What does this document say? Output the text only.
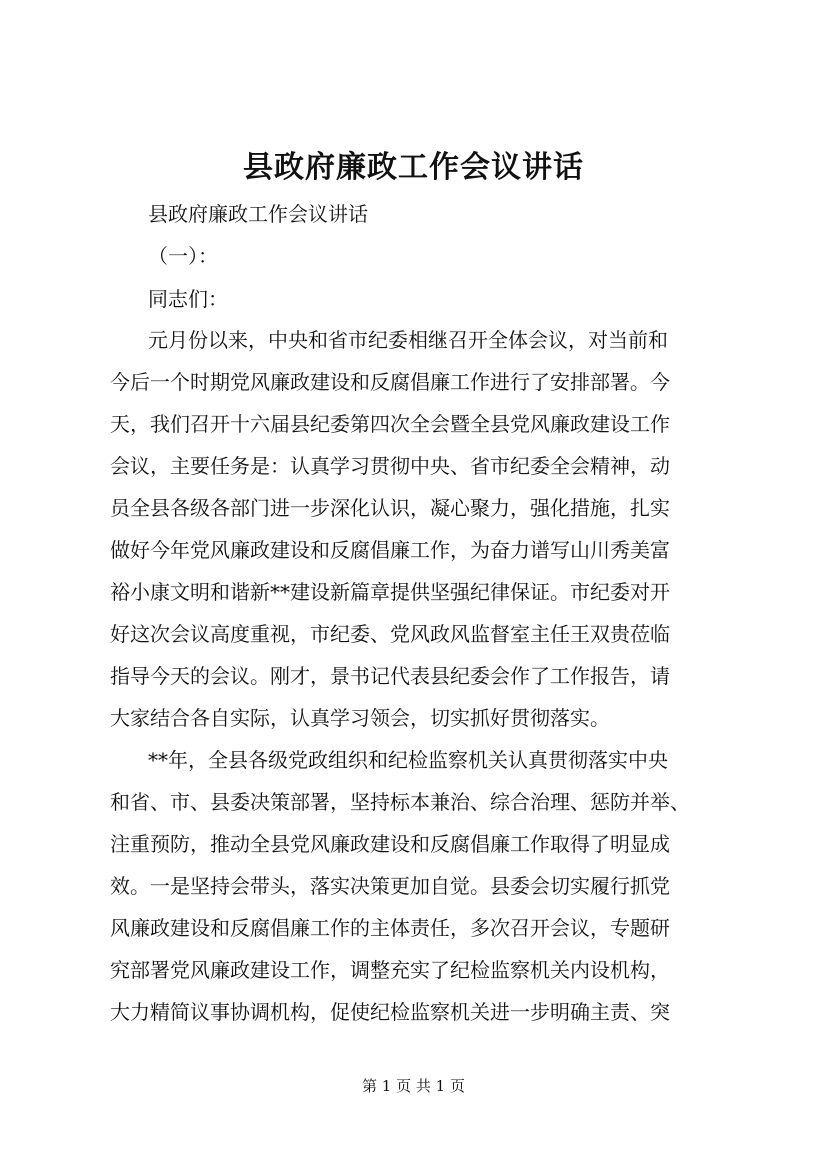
县政府廉政工作会议讲话

县政府廉政工作会议讲话

（一）：

同志们：

元月份以来，中央和省市纪委相继召开全体会议，对当前和

今后一个时期党风廉政建设和反腐倡廉工作进行了安排部署。今

天，我们召开十六届县纪委第四次全会暨全县党风廉政建设工作

会议，主要任务是：认真学习贯彻中央、省市纪委全会精神，动

员全县各级各部门进一步深化认识，凝心聚力，强化措施，扎实

做好今年党风廉政建设和反腐倡廉工作，为奋力谱写山川秀美富

裕小康文明和谐新**建设新篇章提供坚强纪律保证。市纪委对开

好这次会议高度重视，市纪委、党风政风监督室主任王双贵莅临

指导今天的会议。刚才，景书记代表县纪委会作了工作报告，请

大家结合各自实际，认真学习领会，切实抓好贯彻落实。

**年，全县各级党政组织和纪检监察机关认真贯彻落实中央

和省、市、县委决策部署，坚持标本兼治、综合治理、惩防并举、

注重预防，推动全县党风廉政建设和反腐倡廉工作取得了明显成

效。一是坚持会带头，落实决策更加自觉。县委会切实履行抓党

风廉政建设和反腐倡廉工作的主体责任，多次召开会议，专题研

究部署党风廉政建设工作，调整充实了纪检监察机关内设机构，

大力精简议事协调机构，促使纪检监察机关进一步明确主责、突

第 1 页 共 1 页
